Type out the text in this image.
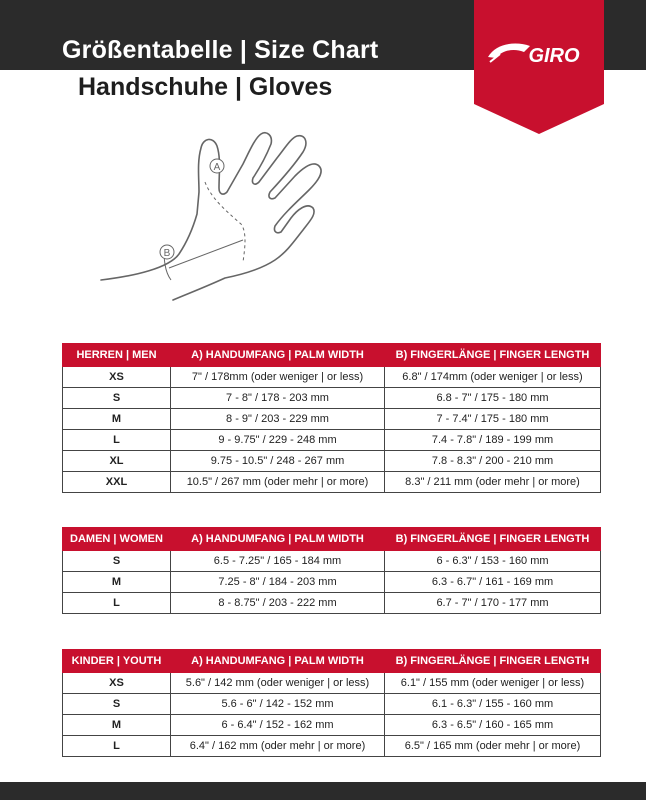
Größentabelle | Size Chart
Handschuhe | Gloves
GIRO
A
B
HERREN | MEN	A) HANDUMFANG | PALM WIDTH	B) FINGERLÄNGE | FINGER LENGTH
XS	7" / 178mm (oder weniger | or less)	6.8" / 174mm (oder weniger | or less)
S	7 - 8" / 178 - 203 mm	6.8 - 7" / 175 - 180 mm
M	8 - 9" / 203 - 229 mm	7 - 7.4" / 175 - 180 mm
L	9 - 9.75" / 229 - 248 mm	7.4 - 7.8" / 189 - 199 mm
XL	9.75 - 10.5" / 248 - 267 mm	7.8 - 8.3" / 200 - 210 mm
XXL	10.5" / 267 mm (oder mehr | or more)	8.3" / 211 mm (oder mehr | or more)
DAMEN | WOMEN	A) HANDUMFANG | PALM WIDTH	B) FINGERLÄNGE | FINGER LENGTH
S	6.5 - 7.25" / 165 - 184 mm	6 - 6.3" / 153 - 160 mm
M	7.25 - 8" / 184 - 203 mm	6.3 - 6.7" / 161 - 169 mm
L	8 - 8.75" / 203 - 222 mm	6.7 - 7" / 170 - 177 mm
KINDER | YOUTH	A) HANDUMFANG | PALM WIDTH	B) FINGERLÄNGE | FINGER LENGTH
XS	5.6" / 142 mm (oder weniger | or less)	6.1" / 155 mm (oder weniger | or less)
S	5.6 - 6" / 142 - 152 mm	6.1 - 6.3" / 155 - 160 mm
M	6 - 6.4" / 152 - 162 mm	6.3 - 6.5" / 160 - 165 mm
L	6.4" / 162 mm (oder mehr | or more)	6.5" / 165 mm (oder mehr | or more)
